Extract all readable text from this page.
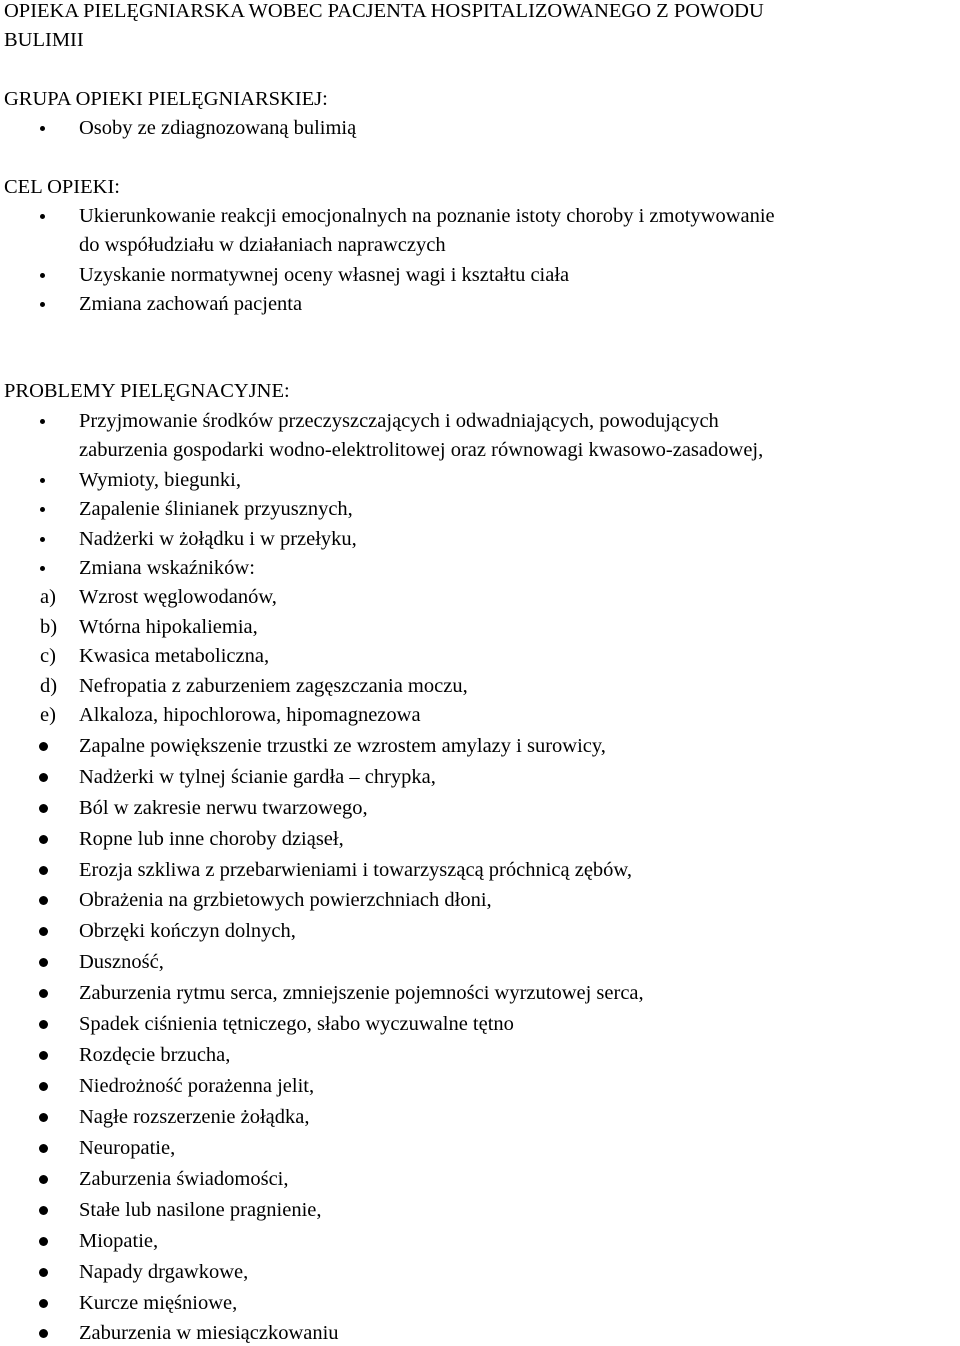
OPIEKA PIELĘGNIARSKA WOBEC PACJENTA HOSPITALIZOWANEGO Z POWODU
BULIMII
GRUPA OPIEKI PIELĘGNIARSKIEJ:
Osoby ze zdiagnozowaną bulimią
CEL OPIEKI:
Ukierunkowanie reakcji emocjonalnych na poznanie istoty choroby i zmotywowanie
do współudziału w działaniach naprawczych
Uzyskanie normatywnej oceny własnej wagi i kształtu ciała
Zmiana zachowań pacjenta
PROBLEMY PIELĘGNACYJNE:
Przyjmowanie środków przeczyszczających i odwadniających, powodujących
zaburzenia gospodarki wodno-elektrolitowej oraz równowagi kwasowo-zasadowej,
Wymioty, biegunki,
Zapalenie ślinianek przyusznych,
Nadżerki w żołądku i w przełyku,
Zmiana wskaźników:
a) Wzrost węglowodanów,
b) Wtórna hipokaliemia,
c) Kwasica metaboliczna,
d) Nefropatia z zaburzeniem zagęszczania moczu,
e) Alkaloza, hipochlorowa, hipomagnezowa
Zapalne powiększenie trzustki ze wzrostem amylazy i surowicy,
Nadżerki w tylnej ścianie gardła – chrypka,
Ból w zakresie nerwu twarzowego,
Ropne lub inne choroby dziąseł,
Erozja szkliwa z przebarwieniami i towarzyszącą próchnicą zębów,
Obrażenia na grzbietowych powierzchniach dłoni,
Obrzęki kończyn dolnych,
Duszność,
Zaburzenia rytmu serca, zmniejszenie pojemności wyrzutowej serca,
Spadek ciśnienia tętniczego, słabo wyczuwalne tętno
Rozdęcie brzucha,
Niedrożność porażenna jelit,
Nagłe rozszerzenie żołądka,
Neuropatie,
Zaburzenia świadomości,
Stałe lub nasilone pragnienie,
Miopatie,
Napady drgawkowe,
Kurcze mięśniowe,
Zaburzenia w miesiączkowaniu
